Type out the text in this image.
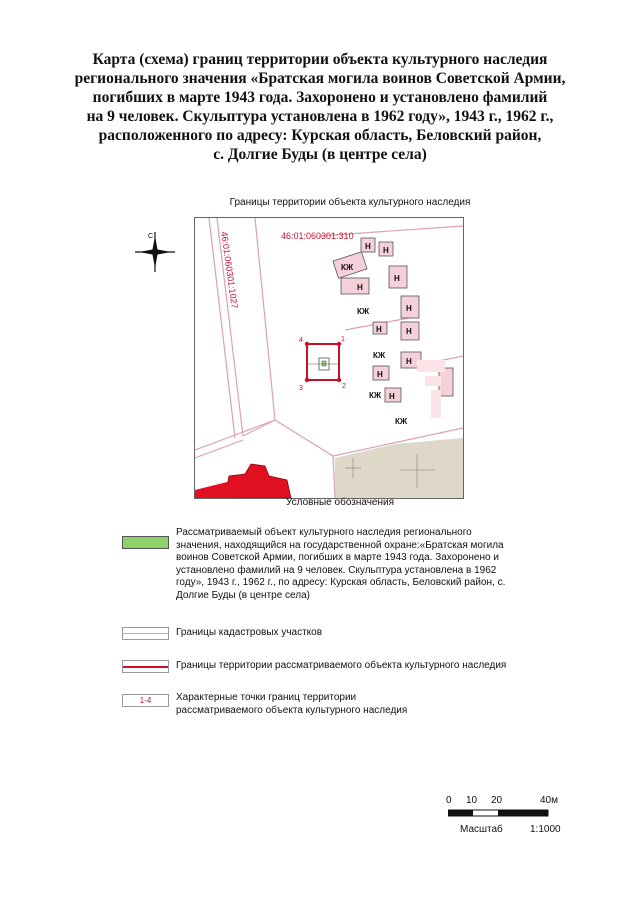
Карта (схема) границ территории объекта культурного наследия
регионального значения «Братская могила воинов Советской Армии,
погибших в марте 1943 года. Захоронено и установлено фамилий
на 9 человек. Скульптура установлена в 1962 году», 1943 г., 1962 г.,
расположенного по адресу: Курская область, Беловский район,
с. Долгие Буды (в центре села)
Границы территории объекта культурного наследия
С	46:01:060301:310
46:01:060301:1027	КЖ
КЖ
КЖ
КЖ
КЖ
Н Н
Н
Н
Н
Н
Н
Н
Н
Н
1
2
3
4
Условные обозначения
Рассматриваемый объект культурного наследия регионального
значения, находящийся на государственной охране:«Братская могила
воинов Советской Армии, погибших в марте 1943 года. Захоронено и
установлено фамилий на 9 человек. Скульптура установлена в 1962
году», 1943 г., 1962 г., по адресу: Курская область, Беловский район, с.
Долгие Буды (в центре села)
Границы кадастровых участков
Границы территории рассматриваемого объекта культурного наследия
1-4	Характерные точки границ территории
рассматриваемого объекта культурного наследия
0 10 20	40м
Масштаб	1:1000
